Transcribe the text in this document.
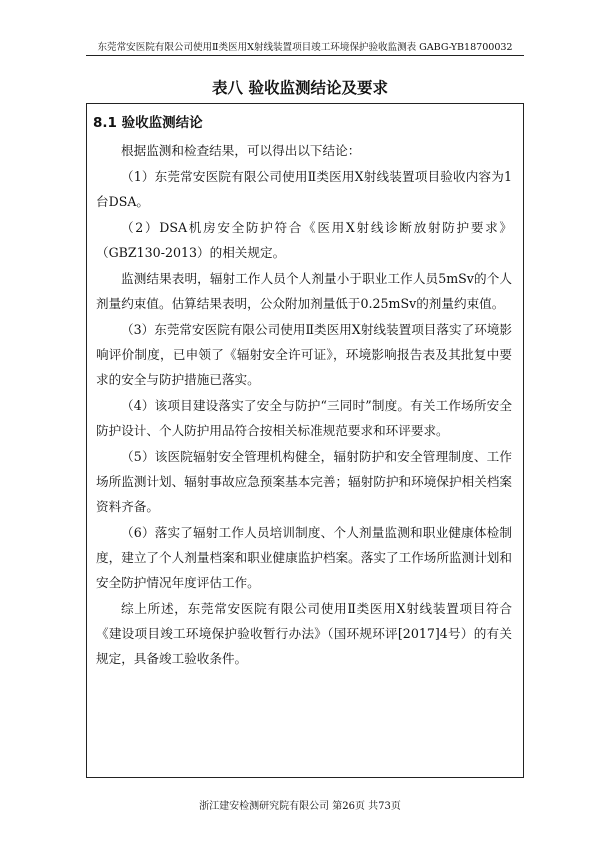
东莞常安医院有限公司使用Ⅱ类医用X射线装置项目竣工环境保护验收监测表 GABG-YB18700032
表八 验收监测结论及要求
8.1 验收监测结论

根据监测和检查结果，可以得出以下结论：

（1）东莞常安医院有限公司使用Ⅱ类医用X射线装置项目验收内容为1台DSA。

（2）DSA机房安全防护符合《医用X射线诊断放射防护要求》（GBZ130-2013）的相关规定。

监测结果表明，辐射工作人员个人剂量小于职业工作人员5mSv的个人剂量约束值。估算结果表明，公众附加剂量低于0.25mSv的剂量约束值。

（3）东莞常安医院有限公司使用Ⅱ类医用X射线装置项目落实了环境影响评价制度，已申领了《辐射安全许可证》，环境影响报告表及其批复中要求的安全与防护措施已落实。

（4）该项目建设落实了安全与防护“三同时”制度。有关工作场所安全防护设计、个人防护用品符合按相关标准规范要求和环评要求。

（5）该医院辐射安全管理机构健全，辐射防护和安全管理制度、工作场所监测计划、辐射事故应急预案基本完善；辐射防护和环境保护相关档案资料齐备。

（6）落实了辐射工作人员培训制度、个人剂量监测和职业健康体检制度，建立了个人剂量档案和职业健康监护档案。落实了工作场所监测计划和安全防护情况年度评估工作。

综上所述，东莞常安医院有限公司使用Ⅱ类医用X射线装置项目符合《建设项目竣工环境保护验收暂行办法》（国环规环评[2017]4号）的有关规定，具备竣工验收条件。

浙江建安检测研究院有限公司 第26页 共73页
